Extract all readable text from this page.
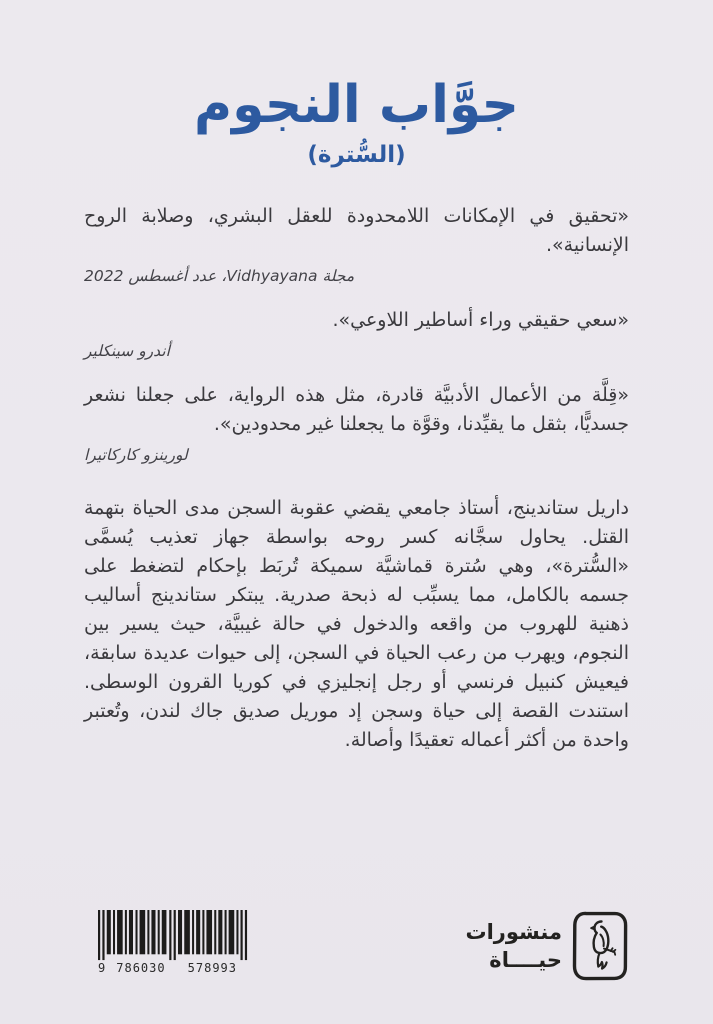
جوَّاب النجوم
(السُّترة)

«تحقيق في الإمكانات اللامحدودة للعقل البشري، وصلابة الروح الإنسانية».

مجلة Vidhyayana، عدد أغسطس 2022

«سعي حقيقي وراء أساطير اللاوعي».

أندرو سينكلير

«قِلَّة من الأعمال الأدبيَّة قادرة، مثل هذه الرواية، على جعلنا نشعر جسديًّا، بثقل ما يقيِّدنا، وقوَّة ما يجعلنا غير محدودين».

لورينزو كاركاتيرا

داريل ستاندينج، أستاذ جامعي يقضي عقوبة السجن مدى الحياة بتهمة القتل. يحاول سجَّانه كسر روحه بواسطة جهاز تعذيب يُسمَّى «السُّترة»، وهي سُترة قماشيَّة سميكة تُربَط بإحكام لتضغط على جسمه بالكامل، مما يسبِّب له ذبحة صدرية. يبتكر ستاندينج أساليب ذهنية للهروب من واقعه والدخول في حالة غيبيَّة، حيث يسير بين النجوم، ويهرب من رعب الحياة في السجن، إلى حيوات عديدة سابقة، فيعيش كنبيل فرنسي أو رجل إنجليزي في كوريا القرون الوسطى. استندت القصة إلى حياة وسجن إد موريل صديق جاك لندن، وتُعتبر واحدة من أكثر أعماله تعقيدًا وأصالة.
9 786030	578993
منشورات
حيــــاة
